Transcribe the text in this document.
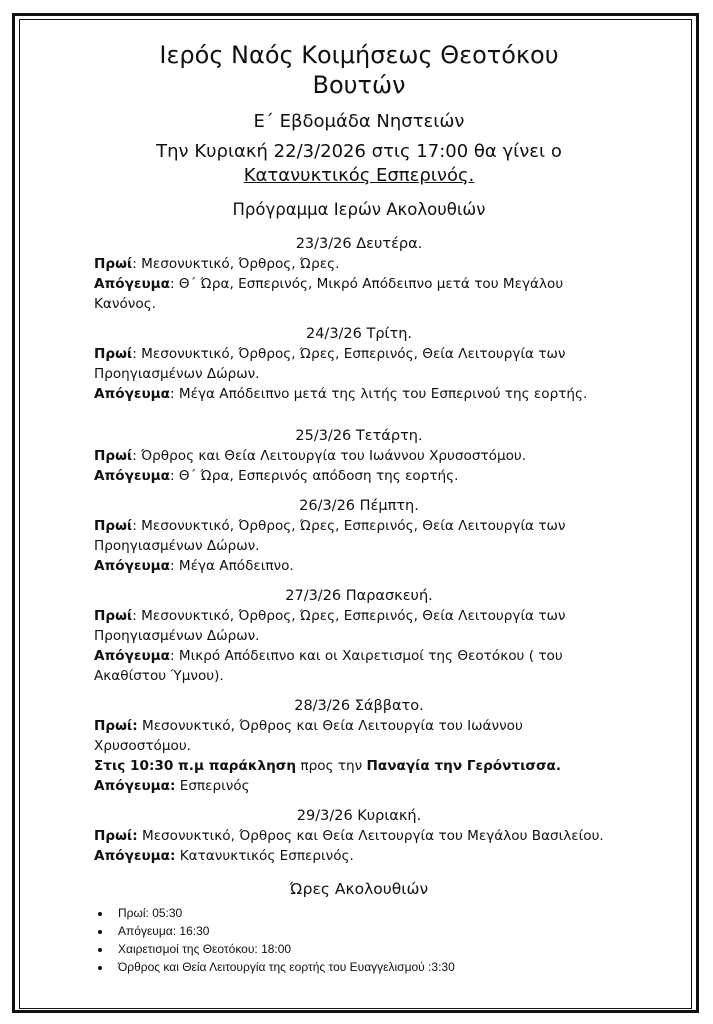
Ιερός Ναός Κοιμήσεως Θεοτόκου
Βουτών
Ε΄ Εβδομάδα Νηστειών
Την Κυριακή 22/3/2026 στις 17:00 θα γίνει ο
Κατανυκτικός Εσπερινός.
Πρόγραμμα Ιερών Ακολουθιών
23/3/26 Δευτέρα.
Πρωί: Μεσονυκτικό, Όρθρος, Ώρες.
Απόγευμα: Θ΄ Ώρα, Εσπερινός, Μικρό Απόδειπνο μετά του Μεγάλου Κανόνος.
24/3/26 Τρίτη.
Πρωί: Μεσονυκτικό, Όρθρος, Ώρες, Εσπερινός, Θεία Λειτουργία των Προηγιασμένων Δώρων.
Απόγευμα: Μέγα Απόδειπνο μετά της λιτής του Εσπερινού της εορτής.
25/3/26 Τετάρτη.
Πρωί: Όρθρος και Θεία Λειτουργία του Ιωάννου Χρυσοστόμου.
Απόγευμα: Θ΄ Ώρα, Εσπερινός απόδοση της εορτής.
26/3/26 Πέμπτη.
Πρωί: Μεσονυκτικό, Όρθρος, Ώρες, Εσπερινός, Θεία Λειτουργία των Προηγιασμένων Δώρων.
Απόγευμα: Μέγα Απόδειπνο.
27/3/26 Παρασκευή.
Πρωί: Μεσονυκτικό, Όρθρος, Ώρες, Εσπερινός, Θεία Λειτουργία των Προηγιασμένων Δώρων.
Απόγευμα: Μικρό Απόδειπνο και οι Χαιρετισμοί της Θεοτόκου ( του Ακαθίστου Ύμνου).
28/3/26 Σάββατο.
Πρωί: Μεσονυκτικό, Όρθρος και Θεία Λειτουργία του Ιωάννου Χρυσοστόμου.
Στις 10:30 π.μ παράκληση προς την Παναγία την Γερόντισσα.
Απόγευμα: Εσπερινός
29/3/26 Κυριακή.
Πρωί: Μεσονυκτικό, Όρθρος και Θεία Λειτουργία του Μεγάλου Βασιλείου.
Απόγευμα: Κατανυκτικός Εσπερινός.
Ώρες Ακολουθιών
• Πρωί: 05:30
• Απόγευμα: 16:30
• Χαιρετισμοί της Θεοτόκου: 18:00
• Όρθρος και Θεία Λειτουργία της εορτής του Ευαγγελισμού :3:30
